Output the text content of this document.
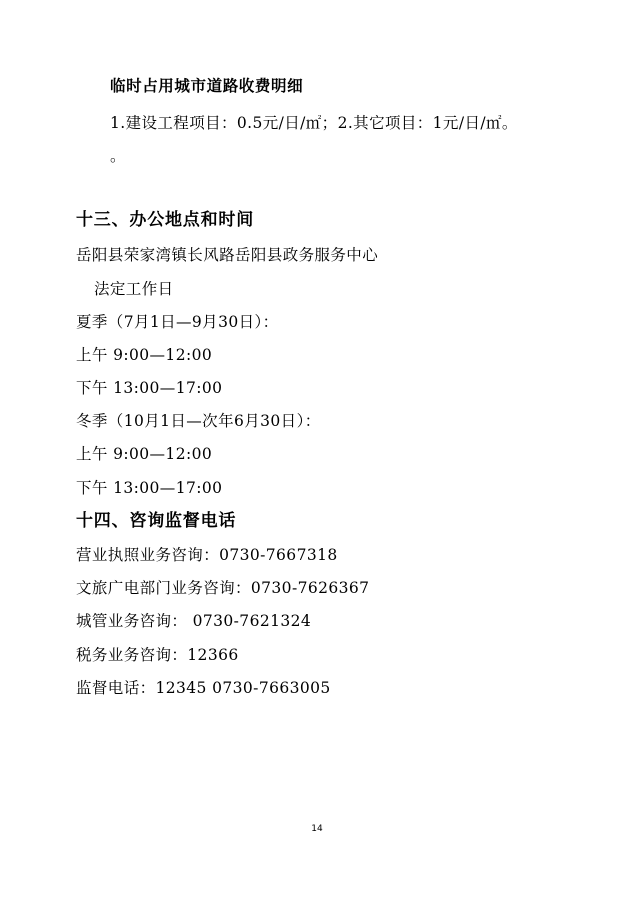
临时占用城市道路收费明细
1.建设工程项目：0.5元/日/㎡；2.其它项目：1元/日/㎡。
。
十三、办公地点和时间
岳阳县荣家湾镇长风路岳阳县政务服务中心
法定工作日
夏季（7月1日—9月30日）：
上午 9:00—12:00
下午 13:00—17:00
冬季（10月1日—次年6月30日）：
上午 9:00—12:00
下午 13:00—17:00
十四、咨询监督电话
营业执照业务咨询：0730-7667318
文旅广电部门业务咨询：0730-7626367
城管业务咨询： 0730-7621324
税务业务咨询：12366
监督电话：12345 0730-7663005
14
